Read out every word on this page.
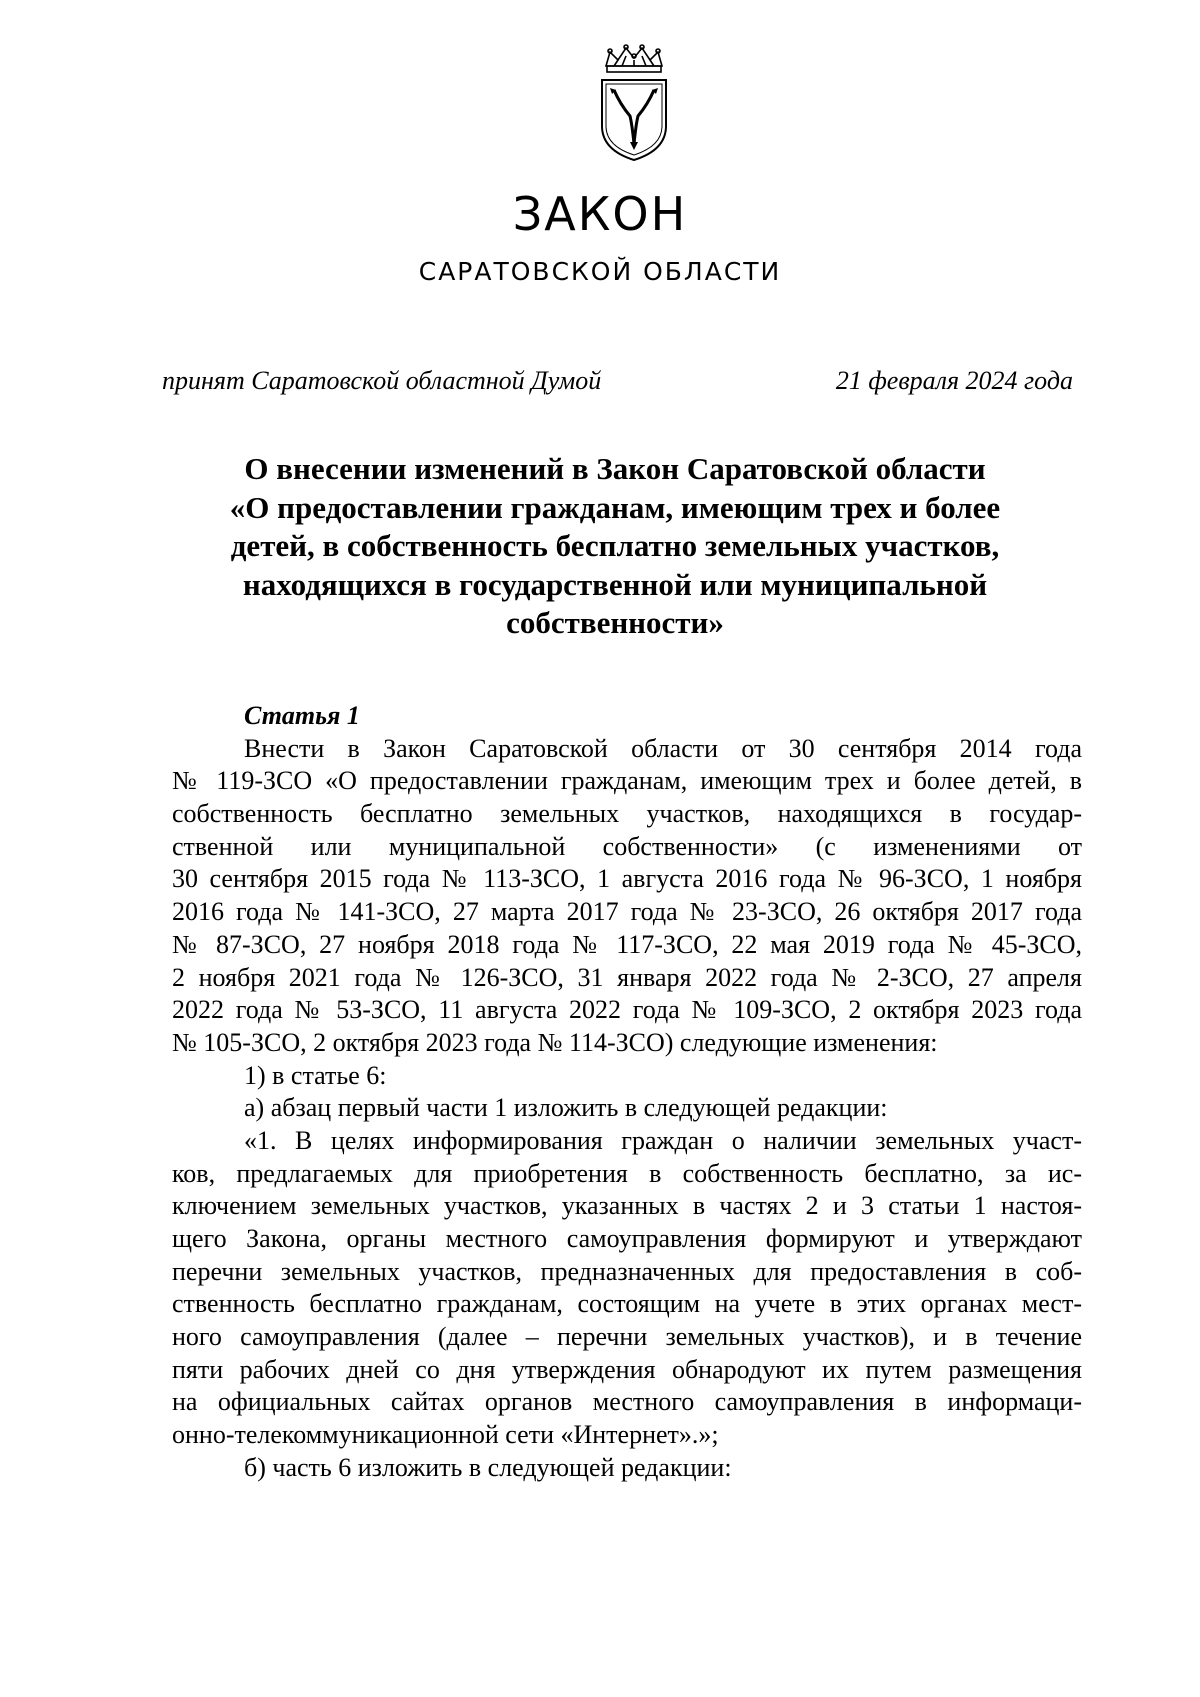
ЗАКОН
САРАТОВСКОЙ ОБЛАСТИ
принят Саратовской областной Думой	21 февраля 2024 года
О внесении изменений в Закон Саратовской области
«О предоставлении гражданам, имеющим трех и более
детей, в собственность бесплатно земельных участков,
находящихся в государственной или муниципальной
собственности»
Статья 1
Внести в Закон Саратовской области от 30 сентября 2014 года
№ 119-ЗСО «О предоставлении гражданам, имеющим трех и более детей, в
собственность бесплатно земельных участков, находящихся в государ-
ственной или муниципальной собственности» (с изменениями от
30 сентября 2015 года № 113-ЗСО, 1 августа 2016 года № 96-ЗСО, 1 ноября
2016 года № 141-ЗСО, 27 марта 2017 года № 23-ЗСО, 26 октября 2017 года
№ 87-ЗСО, 27 ноября 2018 года № 117-ЗСО, 22 мая 2019 года № 45-ЗСО,
2 ноября 2021 года № 126-ЗСО, 31 января 2022 года № 2-ЗСО, 27 апреля
2022 года № 53-ЗСО, 11 августа 2022 года № 109-ЗСО, 2 октября 2023 года
№ 105-ЗСО, 2 октября 2023 года № 114-ЗСО) следующие изменения:
1) в статье 6:
а) абзац первый части 1 изложить в следующей редакции:
«1. В целях информирования граждан о наличии земельных участ-
ков, предлагаемых для приобретения в собственность бесплатно, за ис-
ключением земельных участков, указанных в частях 2 и 3 статьи 1 настоя-
щего Закона, органы местного самоуправления формируют и утверждают
перечни земельных участков, предназначенных для предоставления в соб-
ственность бесплатно гражданам, состоящим на учете в этих органах мест-
ного самоуправления (далее – перечни земельных участков), и в течение
пяти рабочих дней со дня утверждения обнародуют их путем размещения
на официальных сайтах органов местного самоуправления в информаци-
онно-телекоммуникационной сети «Интернет».»;
б) часть 6 изложить в следующей редакции:
